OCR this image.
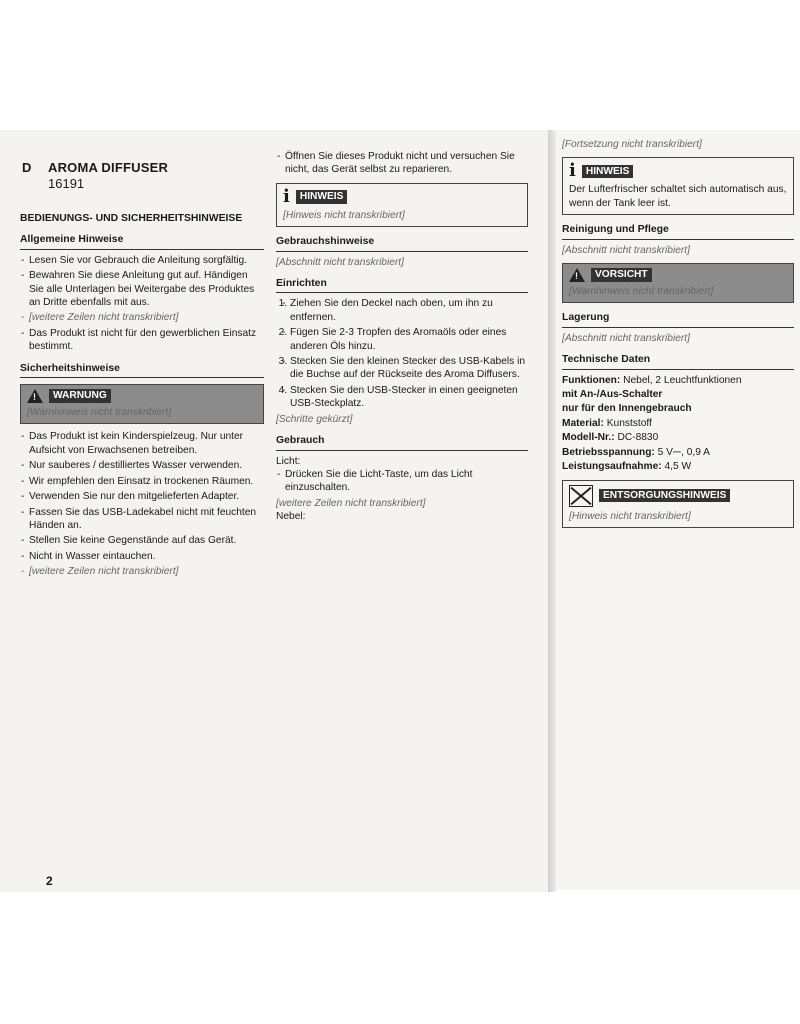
D AROMA DIFFUSER
16191
BEDIENUNGS- UND SICHERHEITSHINWEISE
Allgemeine Hinweise
- Lesen Sie vor Gebrauch die Anleitung sorgfältig.
- Bewahren Sie diese Anleitung gut auf. Händigen Sie alle Unterlagen bei Weitergabe des Produktes an Dritte ebenfalls mit aus.
- [weitere Zeilen nicht transkribiert]
- Das Produkt ist nicht für den gewerblichen Einsatz bestimmt.
Sicherheitshinweise
!
WARNUNG
[Warnhinweis nicht transkribiert]
- Das Produkt ist kein Kinderspielzeug. Nur unter Aufsicht von Erwachsenen betreiben.
- Nur sauberes / destilliertes Wasser verwenden.
- Wir empfehlen den Einsatz in trockenen Räumen.
- Verwenden Sie nur den mitgelieferten Adapter.
- Fassen Sie das USB-Ladekabel nicht mit feuchten Händen an.
- Stellen Sie keine Gegenstände auf das Gerät.
- Nicht in Wasser eintauchen.
- [weitere Zeilen nicht transkribiert]
- Öffnen Sie dieses Produkt nicht und versuchen Sie nicht, das Gerät selbst zu reparieren.
i HINWEIS
[Hinweis nicht transkribiert]
Gebrauchshinweise
[Abschnitt nicht transkribiert]
Einrichten
- 1. Ziehen Sie den Deckel nach oben, um ihn zu entfernen.
- 2. Fügen Sie 2-3 Tropfen des Aromaöls oder eines anderen Öls hinzu.
- 3. Stecken Sie den kleinen Stecker des USB-Kabels in die Buchse auf der Rückseite des Aroma Diffusers.
- 4. Stecken Sie den USB-Stecker in einen geeigneten USB-Steckplatz.
[Schritte gekürzt]
Gebrauch
Licht:
- Drücken Sie die Licht-Taste, um das Licht einzuschalten.
[weitere Zeilen nicht transkribiert]
Nebel:
[Fortsetzung nicht transkribiert]
i HINWEIS
Der Lufterfrischer schaltet sich automatisch aus, wenn der Tank leer ist.
Reinigung und Pflege
[Abschnitt nicht transkribiert]
!
VORSICHT
[Warnhinweis nicht transkribiert]
Lagerung
[Abschnitt nicht transkribiert]
Technische Daten
Funktionen: Nebel, 2 Leuchtfunktionen
mit An-/Aus-Schalter
nur für den Innengebrauch
Material: Kunststoff
Modell-Nr.: DC-8830
Betriebsspannung: 5 V⎓, 0,9 A
Leistungsaufnahme: 4,5 W
ENTSORGUNGSHINWEIS
[Hinweis nicht transkribiert]
2
